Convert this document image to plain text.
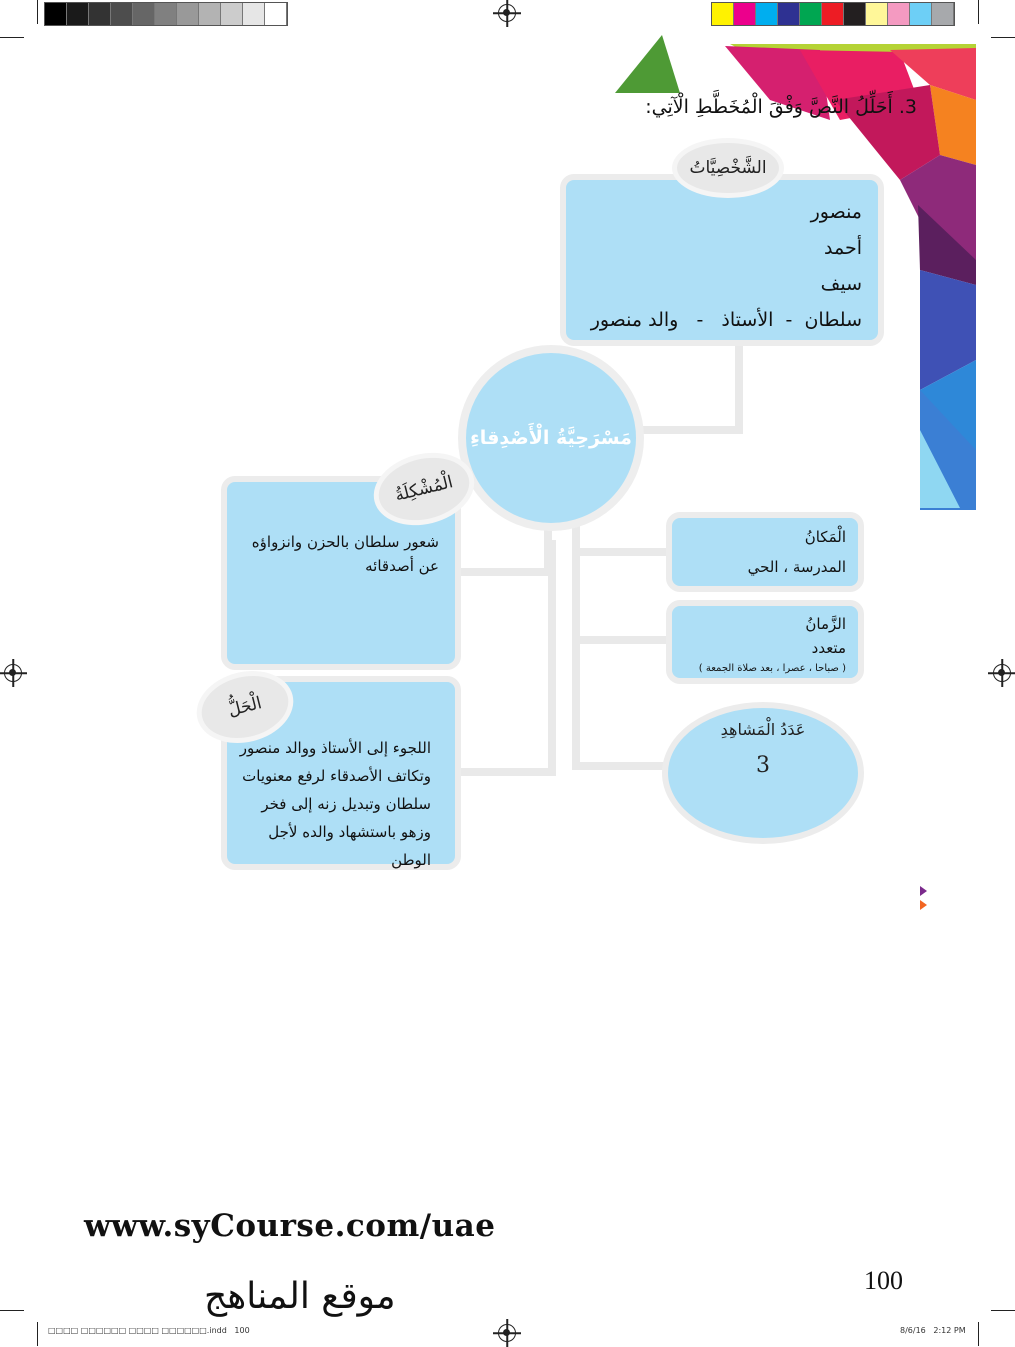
3. أَحَلِّلُ النَّصَّ وَفْقَ الْمُخَطَّطِ الْآتِي:
منصور
أحمد
سيف
سلطان  -  الأستاذ   -   والد منصور
الشَّخْصِيَّاتُ
مَسْرَحِيَّةُ الْأَصْدِقاءِ
شعور سلطان بالحزن وانزواؤه عن أصدقائه
الْمُشْكِلَةُ
اللجوء إلى الأستاذ ووالد منصور وتكاتف الأصدقاء لرفع معنويات سلطان وتبديل زنه إلى فخر وزهو باستشهاد والده لأجل الوطن
الْحَلُّ
الْمَكانُ
المدرسة ، الحي
الزَّمانُ
متعدد
( صباحا ، عصرا ، بعد صلاة الجمعة )
عَدَدُ الْمَشاهِدِ
3
www.syCourse.com/uae
100
موقع المناهج
□□□□ □□□□□□ □□□□ □□□□□□.indd   100	8/6/16   2:12 PM
